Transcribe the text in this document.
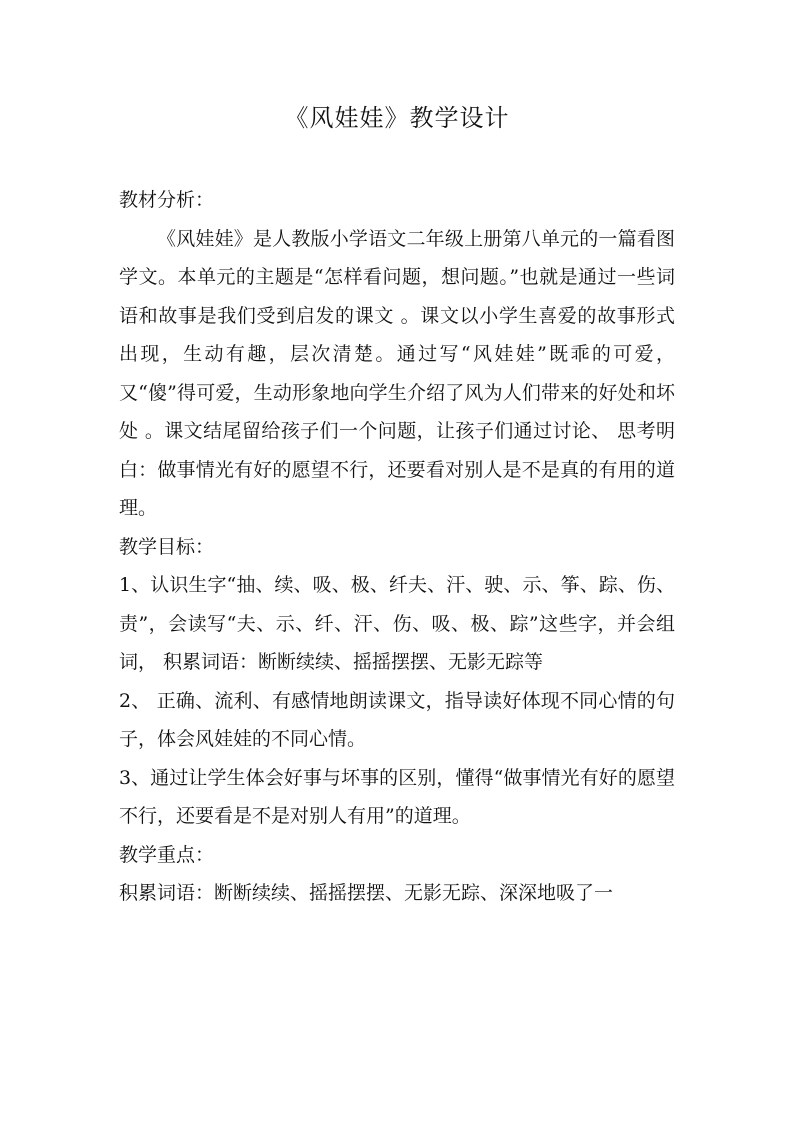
《风娃娃》教学设计

教材分析：

《风娃娃》是人教版小学语文二年级上册第八单元的一篇看图学文。本单元的主题是“怎样看问题，想问题。”也就是通过一些词语和故事是我们受到启发的课文 。课文以小学生喜爱的故事形式出现，生动有趣，层次清楚。通过写“风娃娃”既乖的可爱，又“傻”得可爱，生动形象地向学生介绍了风为人们带来的好处和坏处 。课文结尾留给孩子们一个问题，让孩子们通过讨论、 思考明白：做事情光有好的愿望不行，还要看对别人是不是真的有用的道理。

教学目标：

1、认识生字“抽、续、吸、极、纤夫、汗、驶、示、筝、踪、伤、责”，会读写“夫、示、纤、汗、伤、吸、极、踪”这些字，并会组词， 积累词语：断断续续、摇摇摆摆、无影无踪等

2、 正确、流利、有感情地朗读课文，指导读好体现不同心情的句子，体会风娃娃的不同心情。

3、通过让学生体会好事与坏事的区别，懂得“做事情光有好的愿望不行，还要看是不是对别人有用”的道理。

教学重点：

积累词语：断断续续、摇摇摆摆、无影无踪、深深地吸了一
